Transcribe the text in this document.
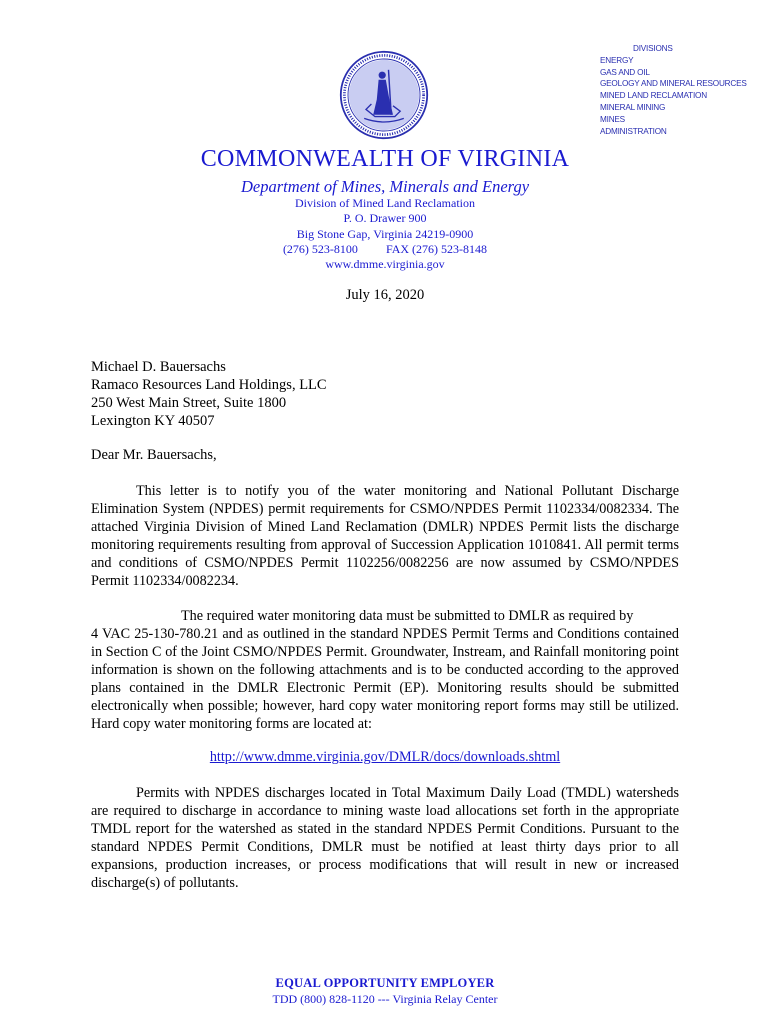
DIVISIONS
ENERGY
GAS AND OIL
GEOLOGY AND MINERAL RESOURCES
MINED LAND RECLAMATION
MINERAL MINING
MINES
ADMINISTRATION
COMMONWEALTH OF VIRGINIA
Department of Mines, Minerals and Energy
Division of Mined Land Reclamation
P. O. Drawer 900
Big Stone Gap, Virginia 24219-0900
(276) 523-8100 FAX (276) 523-8148
www.dmme.virginia.gov
July 16, 2020
Michael D. Bauersachs
Ramaco Resources Land Holdings, LLC
250 West Main Street, Suite 1800
Lexington KY 40507
Dear Mr. Bauersachs,
This letter is to notify you of the water monitoring and National Pollutant Discharge Elimination System (NPDES) permit requirements for CSMO/NPDES Permit 1102334/0082334. The attached Virginia Division of Mined Land Reclamation (DMLR) NPDES Permit lists the discharge monitoring requirements resulting from approval of Succession Application 1010841. All permit terms and conditions of CSMO/NPDES Permit 1102256/0082256 are now assumed by CSMO/NPDES Permit 1102334/0082234.
The required water monitoring data must be submitted to DMLR as required by
4 VAC 25-130-780.21 and as outlined in the standard NPDES Permit Terms and Conditions contained in Section C of the Joint CSMO/NPDES Permit. Groundwater, Instream, and Rainfall monitoring point information is shown on the following attachments and is to be conducted according to the approved plans contained in the DMLR Electronic Permit (EP). Monitoring results should be submitted electronically when possible; however, hard copy water monitoring report forms may still be utilized. Hard copy water monitoring forms are located at:
http://www.dmme.virginia.gov/DMLR/docs/downloads.shtml
Permits with NPDES discharges located in Total Maximum Daily Load (TMDL) watersheds are required to discharge in accordance to mining waste load allocations set forth in the appropriate TMDL report for the watershed as stated in the standard NPDES Permit Conditions. Pursuant to the standard NPDES Permit Conditions, DMLR must be notified at least thirty days prior to all expansions, production increases, or process modifications that will result in new or increased discharge(s) of pollutants.
EQUAL OPPORTUNITY EMPLOYER
TDD (800) 828-1120 --- Virginia Relay Center
